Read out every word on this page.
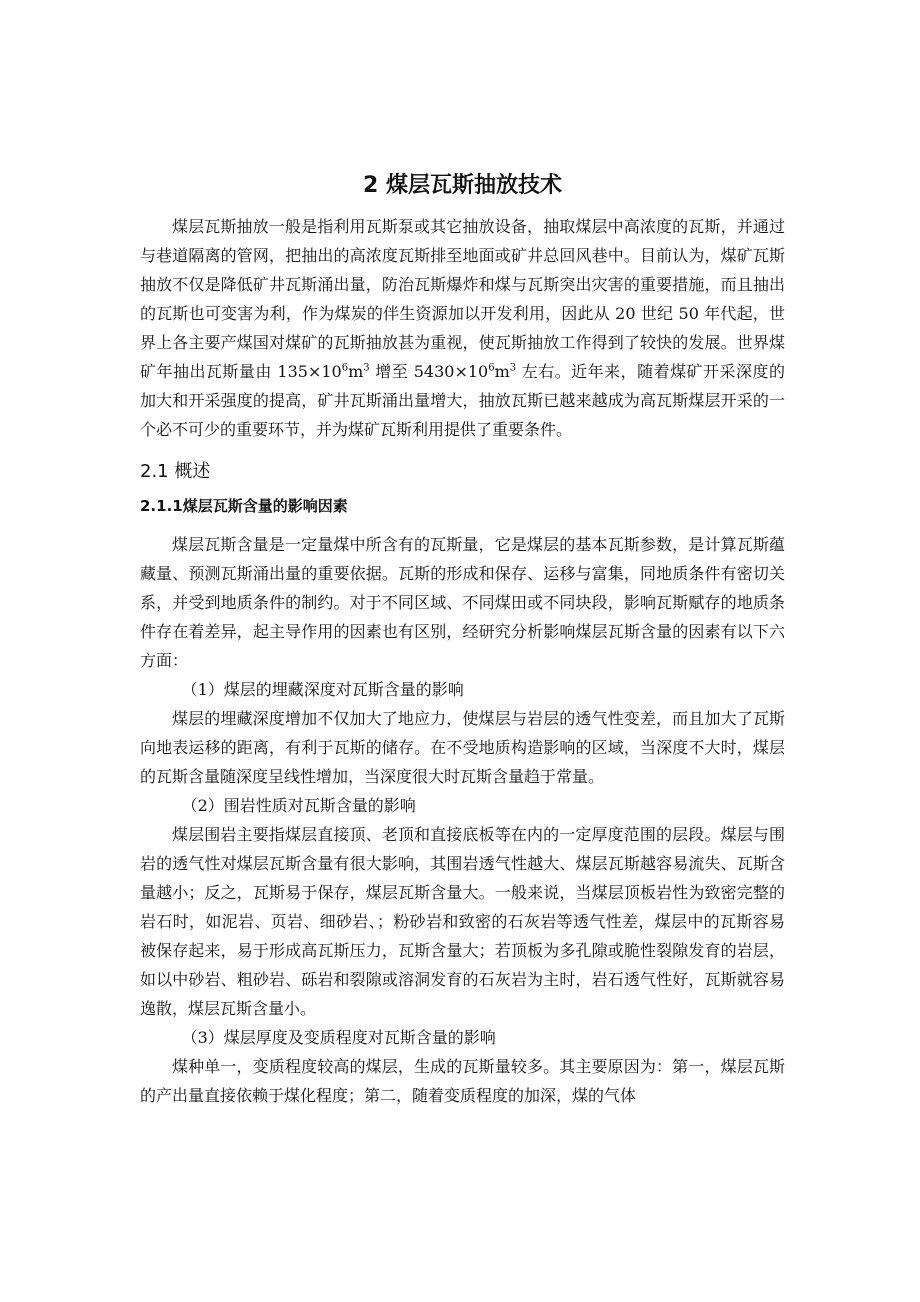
2 煤层瓦斯抽放技术

煤层瓦斯抽放一般是指利用瓦斯泵或其它抽放设备，抽取煤层中高浓度的瓦斯，并通过与巷道隔离的管网，把抽出的高浓度瓦斯排至地面或矿井总回风巷中。目前认为，煤矿瓦斯抽放不仅是降低矿井瓦斯涌出量，防治瓦斯爆炸和煤与瓦斯突出灾害的重要措施，而且抽出的瓦斯也可变害为利，作为煤炭的伴生资源加以开发利用，因此从 20 世纪 50 年代起，世界上各主要产煤国对煤矿的瓦斯抽放甚为重视，使瓦斯抽放工作得到了较快的发展。世界煤矿年抽出瓦斯量由 $135\times 10^6m^3$ 增至 $5430\times 10^6m^3$ 左右。近年来，随着煤矿开采深度的加大和开采强度的提高，矿井瓦斯涌出量增大，抽放瓦斯已越来越成为高瓦斯煤层开采的一个必不可少的重要环节，并为煤矿瓦斯利用提供了重要条件。

2.1 概述
2.1.1煤层瓦斯含量的影响因素

煤层瓦斯含量是一定量煤中所含有的瓦斯量，它是煤层的基本瓦斯参数，是计算瓦斯蕴藏量、预测瓦斯涌出量的重要依据。瓦斯的形成和保存、运移与富集，同地质条件有密切关系，并受到地质条件的制约。对于不同区域、不同煤田或不同块段，影响瓦斯赋存的地质条件存在着差异，起主导作用的因素也有区别，经研究分析影响煤层瓦斯含量的因素有以下六方面：

（1）煤层的埋藏深度对瓦斯含量的影响

煤层的埋藏深度增加不仅加大了地应力，使煤层与岩层的透气性变差，而且加大了瓦斯向地表运移的距离，有利于瓦斯的储存。在不受地质构造影响的区域，当深度不大时，煤层的瓦斯含量随深度呈线性增加，当深度很大时瓦斯含量趋于常量。

（2）围岩性质对瓦斯含量的影响

煤层围岩主要指煤层直接顶、老顶和直接底板等在内的一定厚度范围的层段。煤层与围岩的透气性对煤层瓦斯含量有很大影响，其围岩透气性越大、煤层瓦斯越容易流失、瓦斯含量越小；反之，瓦斯易于保存，煤层瓦斯含量大。一般来说，当煤层顶板岩性为致密完整的岩石时，如泥岩、页岩、细砂岩、；粉砂岩和致密的石灰岩等透气性差，煤层中的瓦斯容易被保存起来，易于形成高瓦斯压力，瓦斯含量大；若顶板为多孔隙或脆性裂隙发育的岩层，如以中砂岩、粗砂岩、砾岩和裂隙或溶洞发育的石灰岩为主时，岩石透气性好，瓦斯就容易逸散，煤层瓦斯含量小。

（3）煤层厚度及变质程度对瓦斯含量的影响

煤种单一，变质程度较高的煤层，生成的瓦斯量较多。其主要原因为：第一，煤层瓦斯的产出量直接依赖于煤化程度；第二，随着变质程度的加深，煤的气体
